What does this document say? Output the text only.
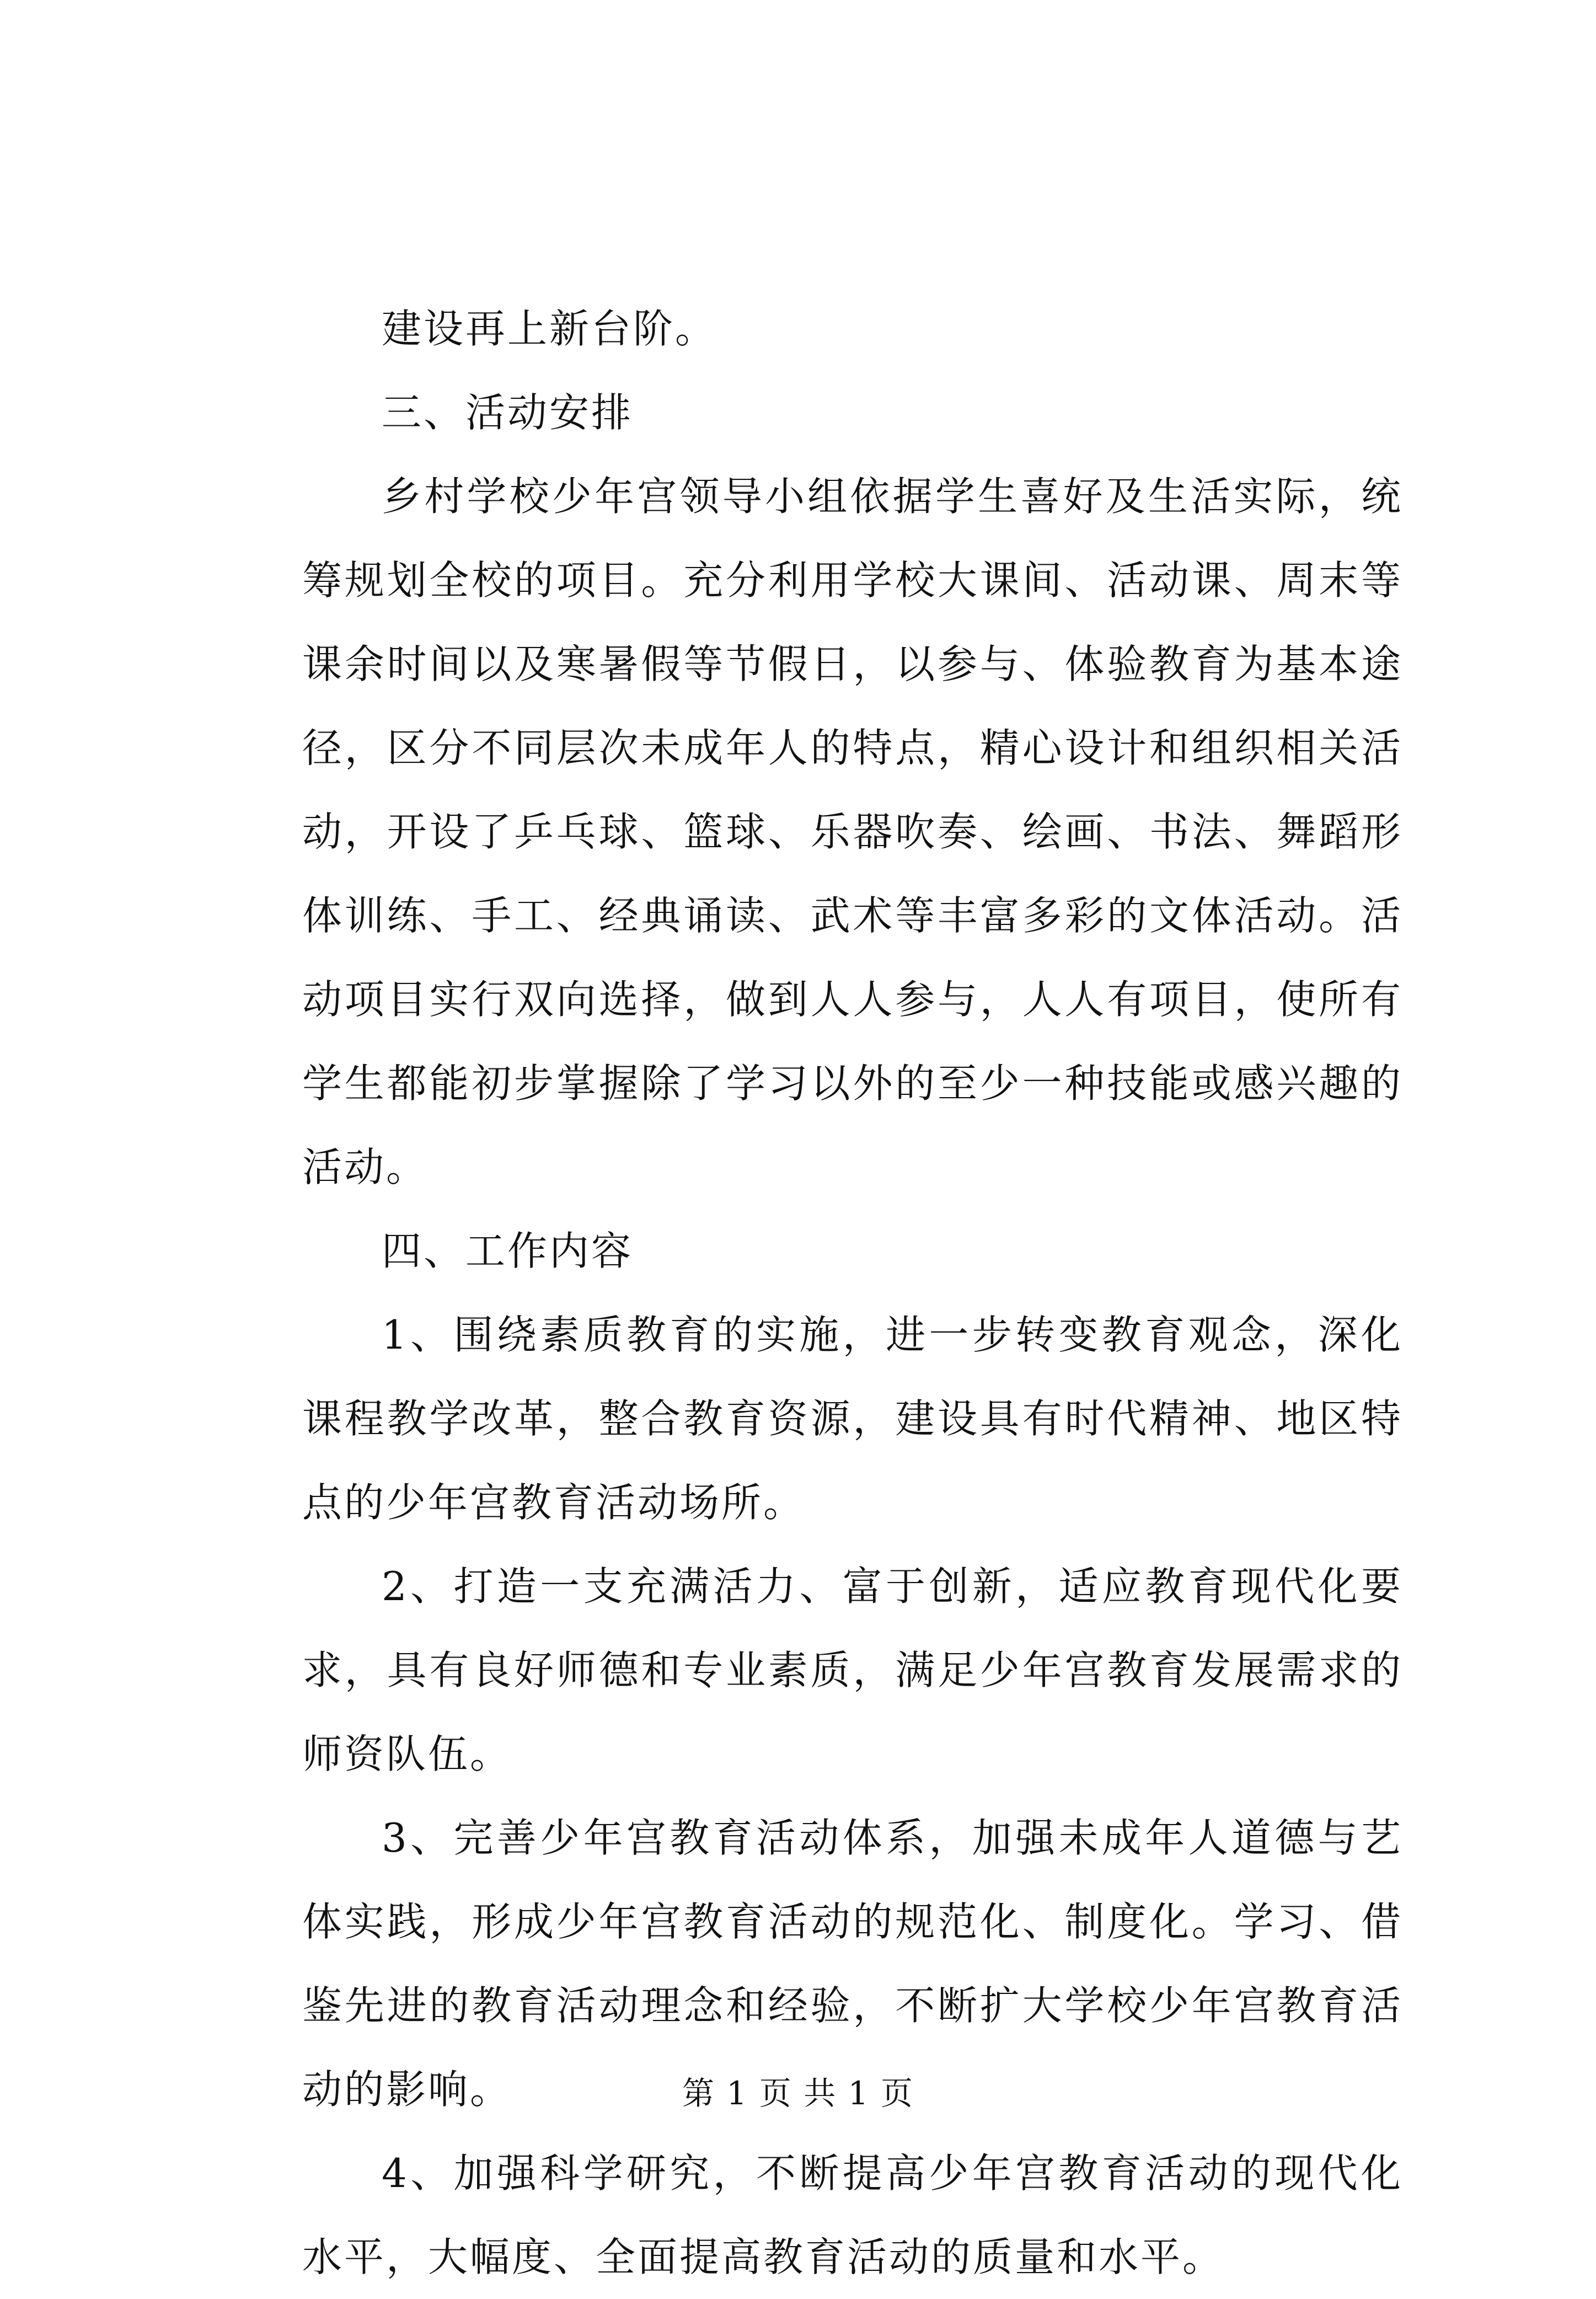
建设再上新台阶。

三、活动安排

乡村学校少年宫领导小组依据学生喜好及生活实际，统筹规划全校的项目。充分利用学校大课间、活动课、周末等课余时间以及寒暑假等节假日，以参与、体验教育为基本途径，区分不同层次未成年人的特点，精心设计和组织相关活动，开设了乒乓球、篮球、乐器吹奏、绘画、书法、舞蹈形体训练、手工、经典诵读、武术等丰富多彩的文体活动。活动项目实行双向选择，做到人人参与，人人有项目，使所有学生都能初步掌握除了学习以外的至少一种技能或感兴趣的活动。

四、工作内容

1、围绕素质教育的实施，进一步转变教育观念，深化课程教学改革，整合教育资源，建设具有时代精神、地区特点的少年宫教育活动场所。

2、打造一支充满活力、富于创新，适应教育现代化要求，具有良好师德和专业素质，满足少年宫教育发展需求的师资队伍。

3、完善少年宫教育活动体系，加强未成年人道德与艺体实践，形成少年宫教育活动的规范化、制度化。学习、借鉴先进的教育活动理念和经验，不断扩大学校少年宫教育活动的影响。

4、加强科学研究，不断提高少年宫教育活动的现代化水平，大幅度、全面提高教育活动的质量和水平。

第 1 页 共 1 页
